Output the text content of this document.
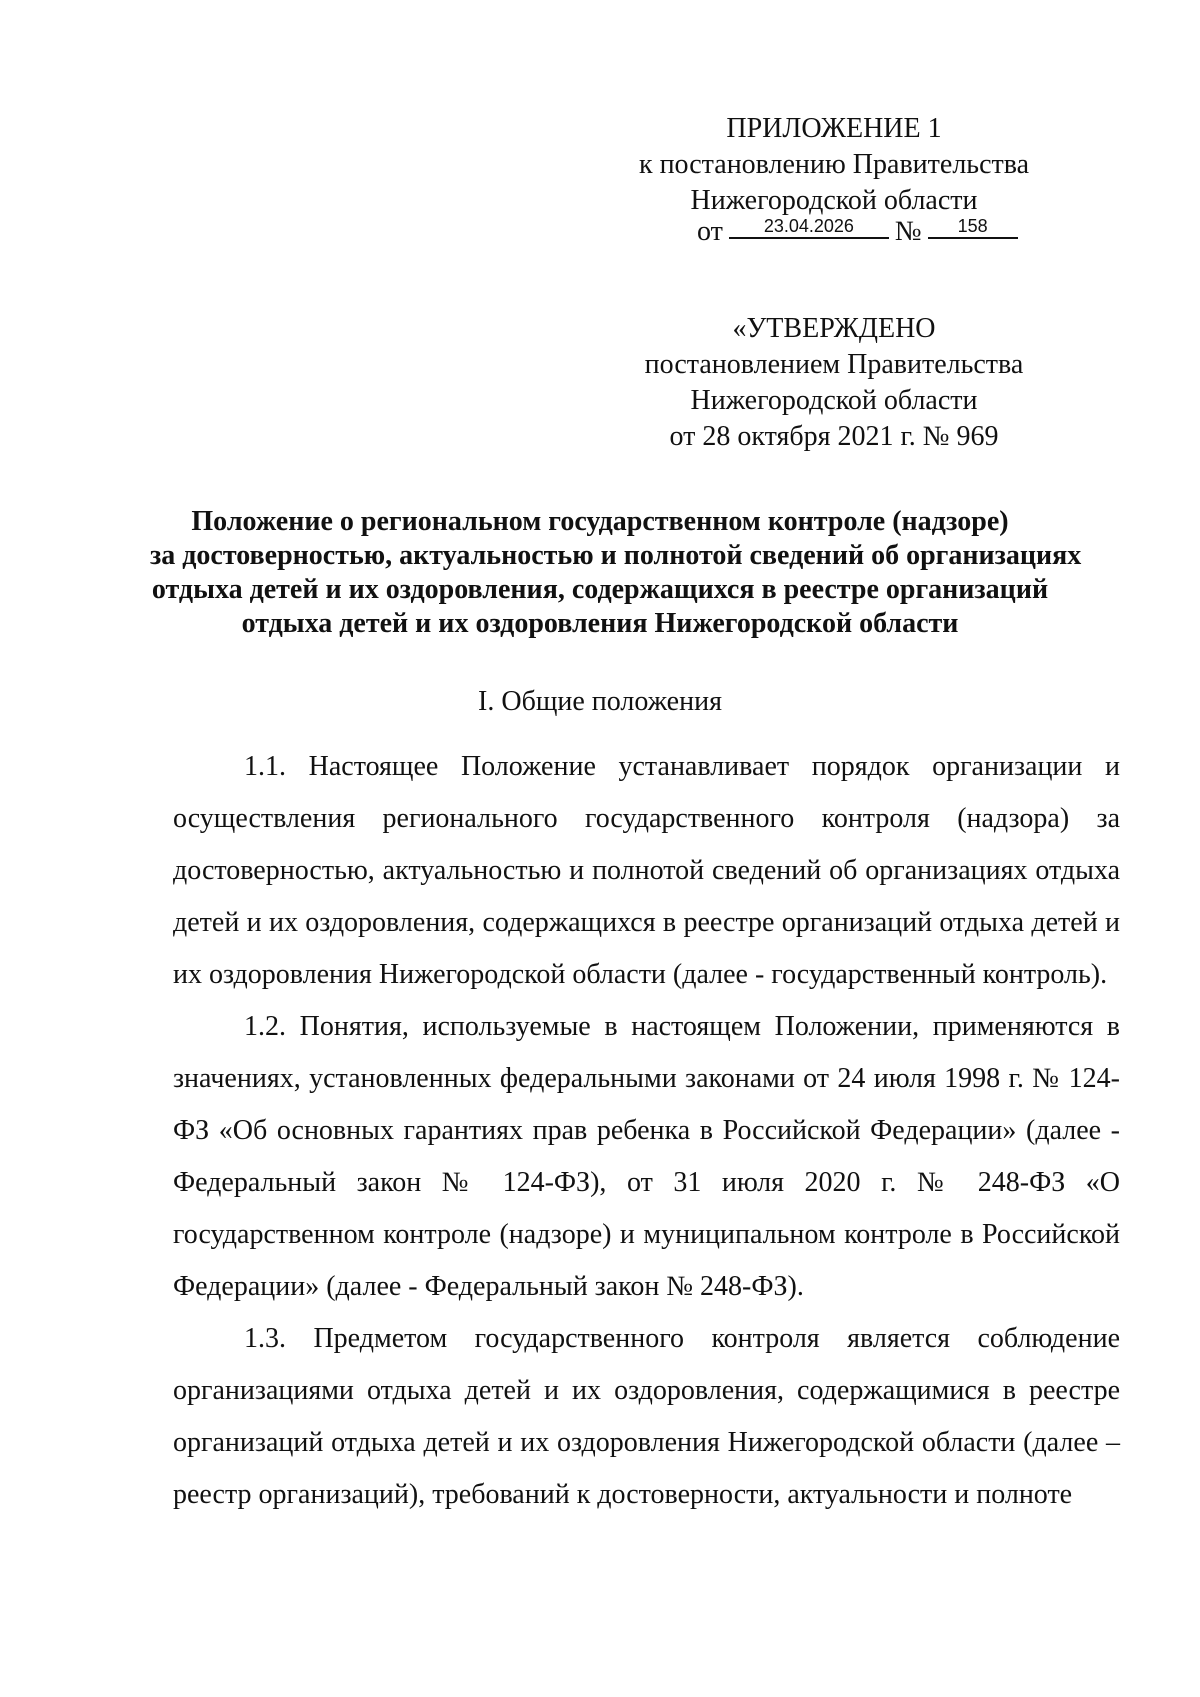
ПРИЛОЖЕНИЕ 1
к постановлению Правительства
Нижегородской области
от 23.04.2026 № 158
«УТВЕРЖДЕНО
постановлением Правительства
Нижегородской области
от 28 октября 2021 г. № 969
Положение о региональном государственном контроле (надзоре)
за достоверностью, актуальностью и полнотой сведений об организациях
отдыха детей и их оздоровления, содержащихся в реестре организаций
отдыха детей и их оздоровления Нижегородской области
I. Общие положения

1.1. Настоящее Положение устанавливает порядок организации и осуществления регионального государственного контроля (надзора) за достоверностью, актуальностью и полнотой сведений об организациях отдыха детей и их оздоровления, содержащихся в реестре организаций отдыха детей и их оздоровления Нижегородской области (далее - государственный контроль).

1.2. Понятия, используемые в настоящем Положении, применяются в значениях, установленных федеральными законами от 24 июля 1998 г. № 124-ФЗ «Об основных гарантиях прав ребенка в Российской Федерации» (далее - Федеральный закон № 124-ФЗ), от 31 июля 2020 г. № 248-ФЗ «О государственном контроле (надзоре) и муниципальном контроле в Российской Федерации» (далее - Федеральный закон № 248-ФЗ).

1.3. Предметом государственного контроля является соблюдение организациями отдыха детей и их оздоровления, содержащимися в реестре организаций отдыха детей и их оздоровления Нижегородской области (далее – реестр организаций), требований к достоверности, актуальности и полноте
